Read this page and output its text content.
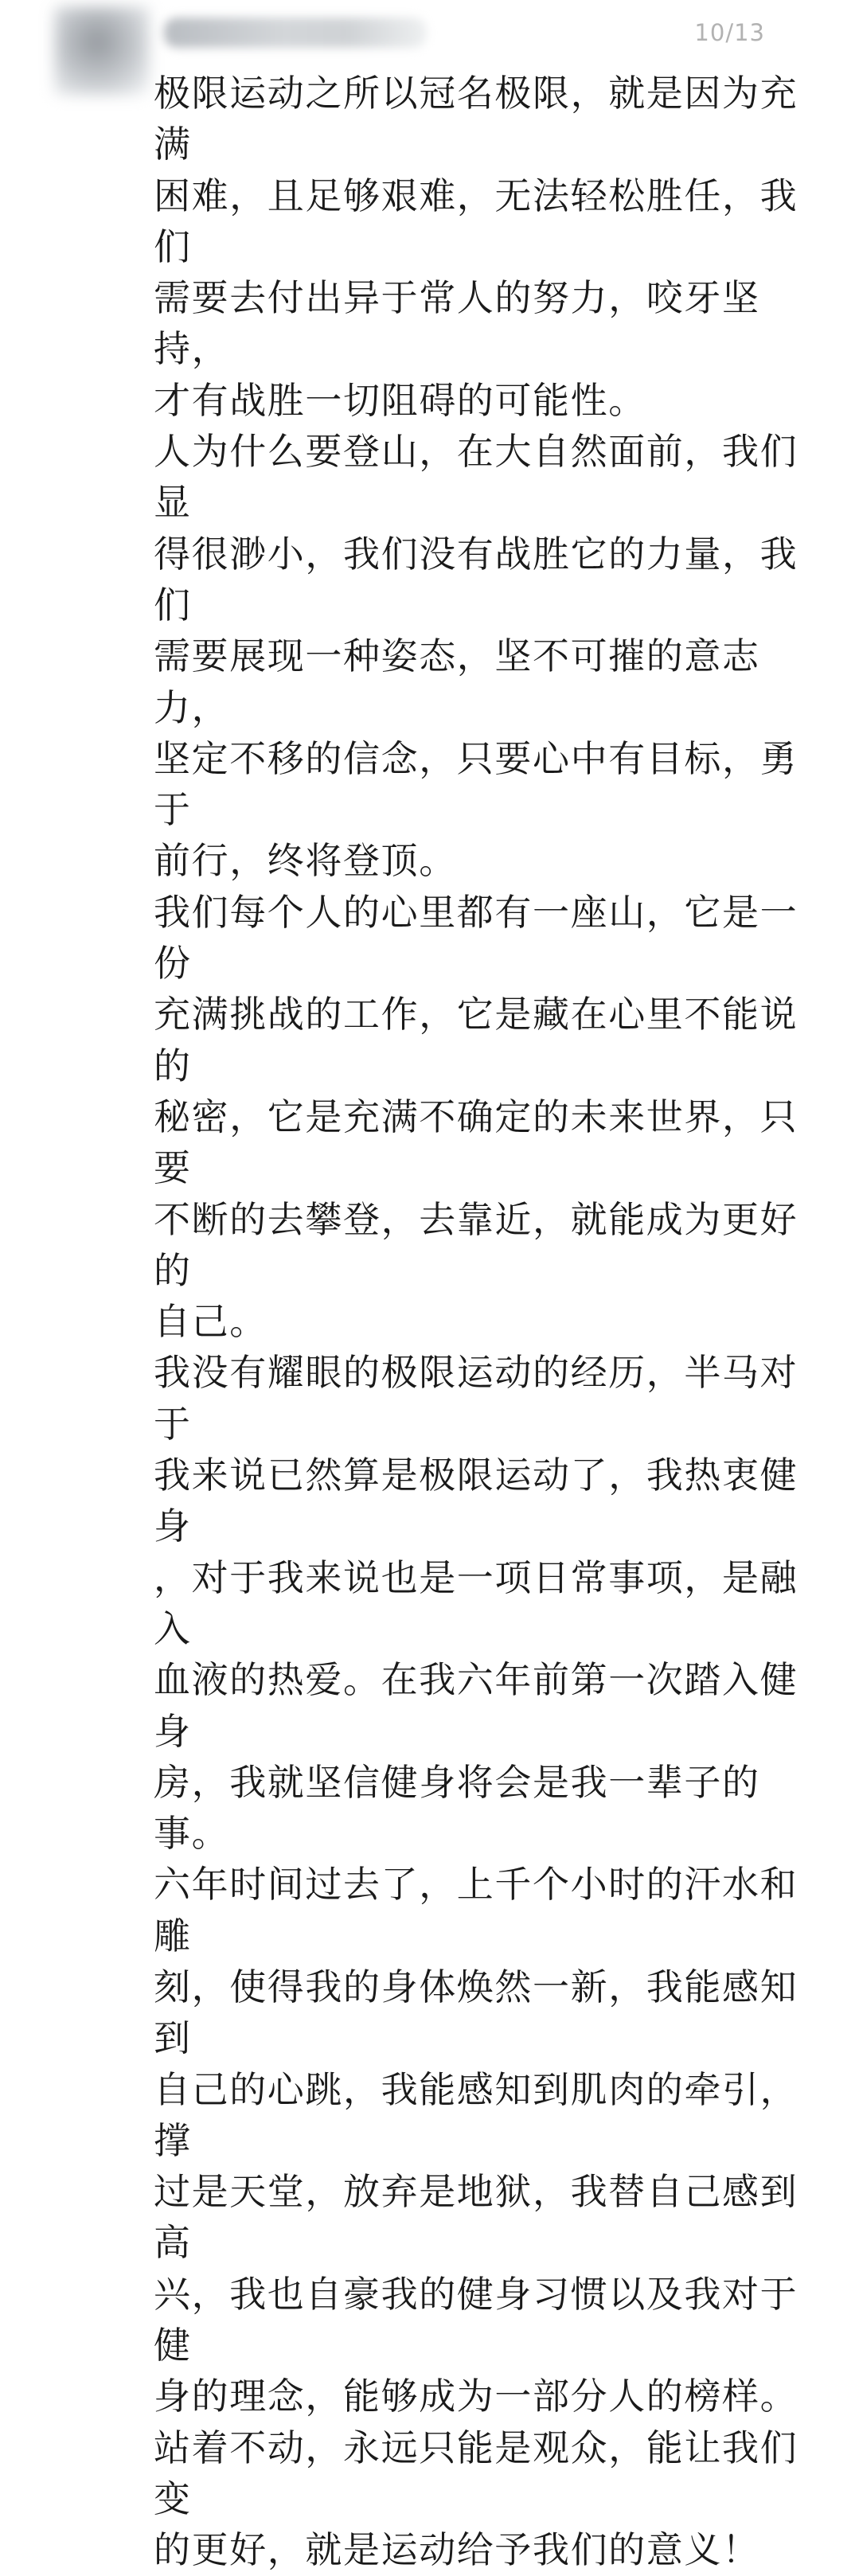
10/13

极限运动之所以冠名极限，就是因为充满
困难，且足够艰难，无法轻松胜任，我们
需要去付出异于常人的努力，咬牙坚持，
才有战胜一切阻碍的可能性。

人为什么要登山，在大自然面前，我们显
得很渺小，我们没有战胜它的力量，我们
需要展现一种姿态，坚不可摧的意志力，
坚定不移的信念，只要心中有目标，勇于
前行，终将登顶。

我们每个人的心里都有一座山，它是一份
充满挑战的工作，它是藏在心里不能说的
秘密，它是充满不确定的未来世界，只要
不断的去攀登，去靠近，就能成为更好的
自己。

我没有耀眼的极限运动的经历，半马对于
我来说已然算是极限运动了，我热衷健身
，对于我来说也是一项日常事项，是融入
血液的热爱。在我六年前第一次踏入健身
房，我就坚信健身将会是我一辈子的事。

六年时间过去了，上千个小时的汗水和雕
刻，使得我的身体焕然一新，我能感知到
自己的心跳，我能感知到肌肉的牵引，撑
过是天堂，放弃是地狱，我替自己感到高
兴，我也自豪我的健身习惯以及我对于健
身的理念，能够成为一部分人的榜样。

站着不动，永远只能是观众，能让我们变
的更好，就是运动给予我们的意义！
